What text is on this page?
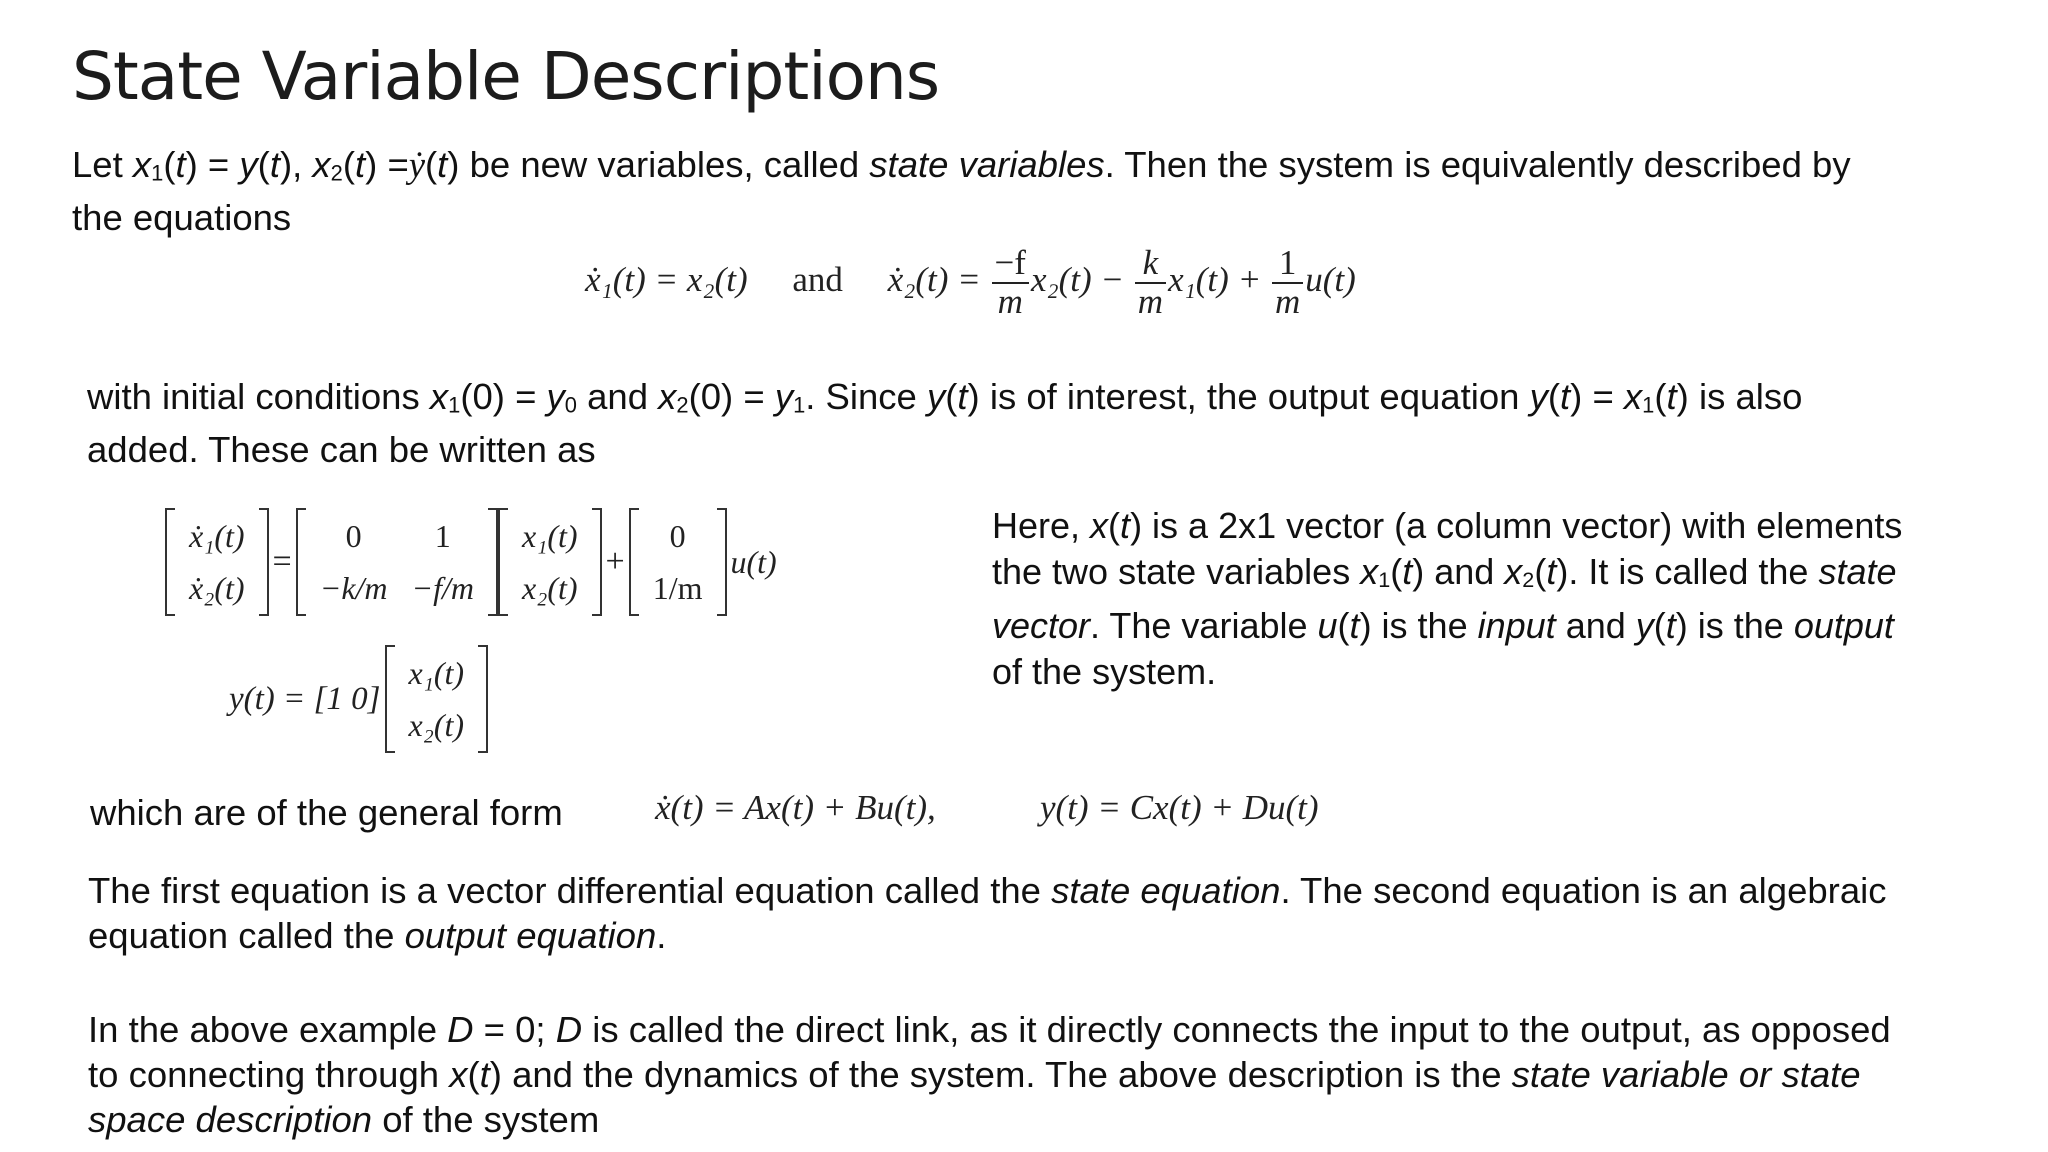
State Variable Descriptions
Let $x_1(t) = y(t)$, $x_2(t)$ =ẏ(t) be new variables, called state variables. Then the system is equivalently described by
the equations
ẋ₁(t) = x₂(t) and ẋ₂(t) = $\frac{-f}{m} x_2(t) - \frac{k}{m} x_1(t) + \frac{1}{m} u(t)$
with initial conditions $x_1(0) = y_0$ and $x_2(0) = y_1$. Since y(t) is of interest, the output equation $y(t) = x_1(t)$ is also
added. These can be written as
ẋ₁(t)
ẋ₂(t)
=
0	1
−k/m	−f/m
x₁(t)
x₂(t)
+
0
1/m
u(t)
y(t) = [1 0]
x₁(t)
x₂(t)
Here, x(t) is a 2x1 vector (a column vector) with elements
the two state variables $x_1(t)$ and $x_2(t)$. It is called the state
vector. The variable u(t) is the input and y(t) is the output
of the system.
which are of the general form	ẋ(t) = Ax(t) + Bu(t),	y(t) = Cx(t) + Du(t)
The first equation is a vector differential equation called the state equation. The second equation is an algebraic
equation called the output equation.
In the above example D = 0; D is called the direct link, as it directly connects the input to the output, as opposed
to connecting through x(t) and the dynamics of the system. The above description is the state variable or state
space description of the system
